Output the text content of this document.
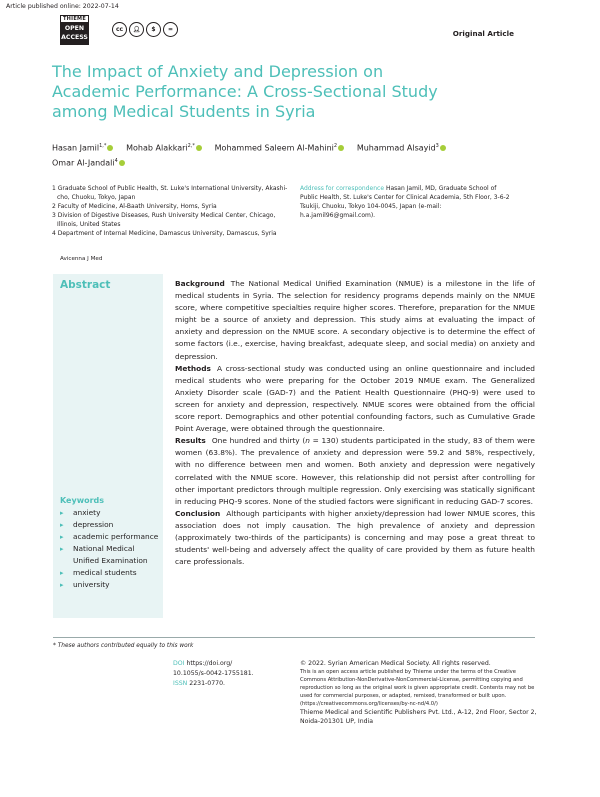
Article published online: 2022-07-14
THIEME
OPEN
ACCESS
cc	👤︎	$	=	Original Article
The Impact of Anxiety and Depression on Academic Performance: A Cross-Sectional Study among Medical Students in Syria
Hasan Jamil$^{1,*}$ Mohab Alakkari$^{2,*}$ Mohammed Saleem Al-Mahini$^2$ Muhammad Alsayid$^3$
Omar Al-Jandali$^4$
1 Graduate School of Public Health, St. Luke's International University, Akashi-cho, Chuoku, Tokyo, Japan
2 Faculty of Medicine, Al-Baath University, Homs, Syria
3 Division of Digestive Diseases, Rush University Medical Center, Chicago, Illinois, United States
4 Department of Internal Medicine, Damascus University, Damascus, Syria
Address for correspondence Hasan Jamil, MD, Graduate School of Public Health, St. Luke's Center for Clinical Academia, 5th Floor, 3-6-2 Tsukiji, Chuoku, Tokyo 104-0045, Japan (e-mail: h.a.jamil96@gmail.com).
Avicenna J Med
Abstract
Keywords
▸ anxiety
▸ depression
▸ academic performance
▸ National Medical Unified Examination
▸ medical students
▸ university

Background The National Medical Unified Examination (NMUE) is a milestone in the life of medical students in Syria. The selection for residency programs depends mainly on the NMUE score, where competitive specialties require higher scores. Therefore, preparation for the NMUE might be a source of anxiety and depression. This study aims at evaluating the impact of anxiety and depression on the NMUE score. A secondary objective is to determine the effect of some factors (i.e., exercise, having breakfast, adequate sleep, and social media) on anxiety and depression.

Methods A cross-sectional study was conducted using an online questionnaire and included medical students who were preparing for the October 2019 NMUE exam. The Generalized Anxiety Disorder scale (GAD-7) and the Patient Health Questionnaire (PHQ-9) were used to screen for anxiety and depression, respectively. NMUE scores were obtained from the official score report. Demographics and other potential confounding factors, such as Cumulative Grade Point Average, were obtained through the questionnaire.

Results One hundred and thirty (n = 130) students participated in the study, 83 of them were women (63.8%). The prevalence of anxiety and depression were 59.2 and 58%, respectively, with no difference between men and women. Both anxiety and depression were negatively correlated with the NMUE score. However, this relationship did not persist after controlling for other important predictors through multiple regression. Only exercising was statically significant in reducing PHQ-9 scores. None of the studied factors were significant in reducing GAD-7 scores.

Conclusion Although participants with higher anxiety/depression had lower NMUE scores, this association does not imply causation. The high prevalence of anxiety and depression (approximately two-thirds of the participants) is concerning and may pose a great threat to students' well-being and adversely affect the quality of care provided by them as future health care professionals.

* These authors contributed equally to this work
DOI https://doi.org/
10.1055/s-0042-1755181.
ISSN 2231-0770.
© 2022. Syrian American Medical Society. All rights reserved.
This is an open access article published by Thieme under the terms of the Creative Commons Attribution-NonDerivative-NonCommercial-License, permitting copying and reproduction so long as the original work is given appropriate credit. Contents may not be used for commercial purposes, or adapted, remixed, transformed or built upon. (https://creativecommons.org/licenses/by-nc-nd/4.0/)
Thieme Medical and Scientific Publishers Pvt. Ltd., A-12, 2nd Floor, Sector 2, Noida-201301 UP, India
